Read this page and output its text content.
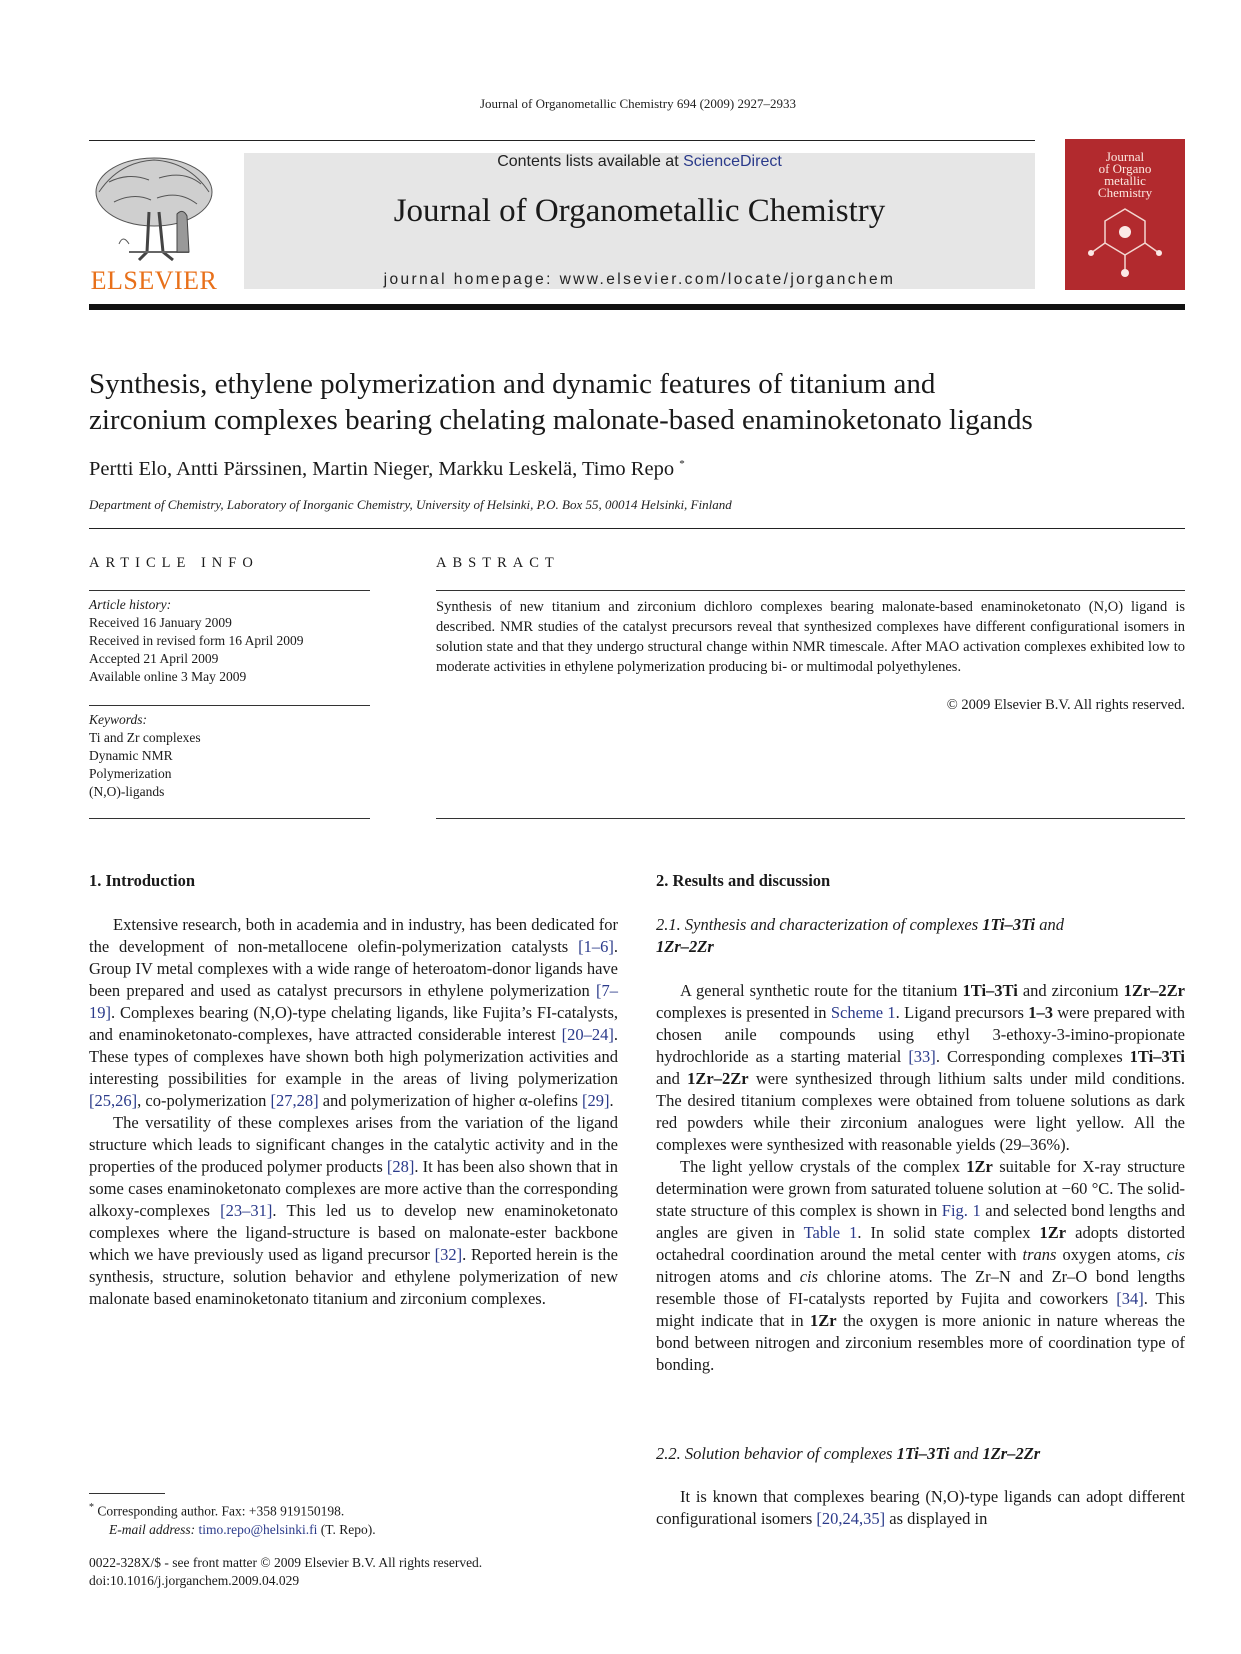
Journal of Organometallic Chemistry 694 (2009) 2927–2933
ELSEVIER
Contents lists available at ScienceDirect
Journal of Organometallic Chemistry
journal homepage: www.elsevier.com/locate/jorganchem
Journal
of Organo
metallic
Chemistry
Synthesis, ethylene polymerization and dynamic features of titanium and
zirconium complexes bearing chelating malonate-based enaminoketonato ligands
Pertti Elo, Antti Pärssinen, Martin Nieger, Markku Leskelä, Timo Repo *
Department of Chemistry, Laboratory of Inorganic Chemistry, University of Helsinki, P.O. Box 55, 00014 Helsinki, Finland
ARTICLE INFO	ABSTRACT
Article history:
Received 16 January 2009
Received in revised form 16 April 2009
Accepted 21 April 2009
Available online 3 May 2009
Keywords:
Ti and Zr complexes
Dynamic NMR
Polymerization
(N,O)-ligands
Synthesis of new titanium and zirconium dichloro complexes bearing malonate-based enaminoketonato (N,O) ligand is described. NMR studies of the catalyst precursors reveal that synthesized complexes have different configurational isomers in solution state and that they undergo structural change within NMR timescale. After MAO activation complexes exhibited low to moderate activities in ethylene polymerization producing bi- or multimodal polyethylenes.
© 2009 Elsevier B.V. All rights reserved.
1. Introduction

Extensive research, both in academia and in industry, has been dedicated for the development of non-metallocene olefin-polymerization catalysts [1–6]. Group IV metal complexes with a wide range of heteroatom-donor ligands have been prepared and used as catalyst precursors in ethylene polymerization [7–19]. Complexes bearing (N,O)-type chelating ligands, like Fujita’s FI-catalysts, and enaminoketonato-complexes, have attracted considerable interest [20–24]. These types of complexes have shown both high polymerization activities and interesting possibilities for example in the areas of living polymerization [25,26], co-polymerization [27,28] and polymerization of higher α-olefins [29].

The versatility of these complexes arises from the variation of the ligand structure which leads to significant changes in the catalytic activity and in the properties of the produced polymer products [28]. It has been also shown that in some cases enaminoketonato complexes are more active than the corresponding alkoxy-complexes [23–31]. This led us to develop new enaminoketonato complexes where the ligand-structure is based on malonate-ester backbone which we have previously used as ligand precursor [32]. Reported herein is the synthesis, structure, solution behavior and ethylene polymerization of new malonate based enaminoketonato titanium and zirconium complexes.

2. Results and discussion
2.1. Synthesis and characterization of complexes 1Ti–3Ti and
1Zr–2Zr

A general synthetic route for the titanium 1Ti–3Ti and zirconium 1Zr–2Zr complexes is presented in Scheme 1. Ligand precursors 1–3 were prepared with chosen anile compounds using ethyl 3-ethoxy-3-imino-propionate hydrochloride as a starting material [33]. Corresponding complexes 1Ti–3Ti and 1Zr–2Zr were synthesized through lithium salts under mild conditions. The desired titanium complexes were obtained from toluene solutions as dark red powders while their zirconium analogues were light yellow. All the complexes were synthesized with reasonable yields (29–36%).

The light yellow crystals of the complex 1Zr suitable for X-ray structure determination were grown from saturated toluene solution at −60 °C. The solid-state structure of this complex is shown in Fig. 1 and selected bond lengths and angles are given in Table 1. In solid state complex 1Zr adopts distorted octahedral coordination around the metal center with trans oxygen atoms, cis nitrogen atoms and cis chlorine atoms. The Zr–N and Zr–O bond lengths resemble those of FI-catalysts reported by Fujita and coworkers [34]. This might indicate that in 1Zr the oxygen is more anionic in nature whereas the bond between nitrogen and zirconium resembles more of coordination type of bonding.

2.2. Solution behavior of complexes 1Ti–3Ti and 1Zr–2Zr

It is known that complexes bearing (N,O)-type ligands can adopt different configurational isomers [20,24,35] as displayed in

* Corresponding author. Fax: +358 919150198.
E-mail address: timo.repo@helsinki.fi (T. Repo).
0022-328X/$ - see front matter © 2009 Elsevier B.V. All rights reserved.
doi:10.1016/j.jorganchem.2009.04.029
